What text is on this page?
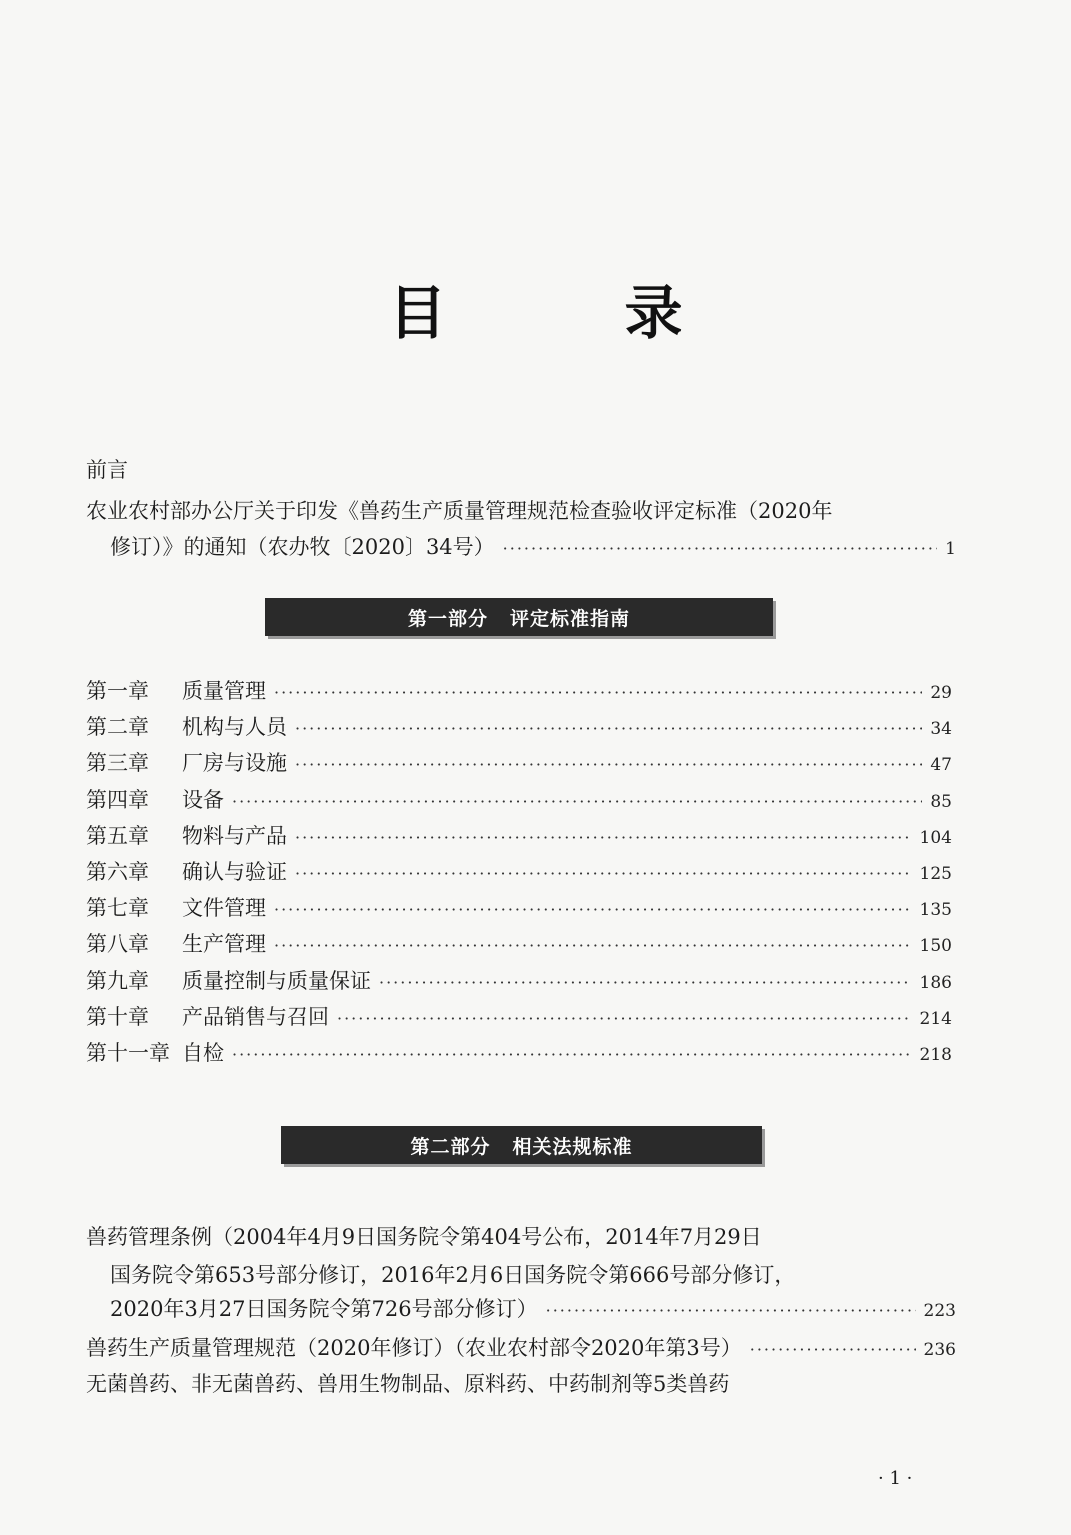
目　录
前言
农业农村部办公厅关于印发《兽药生产质量管理规范检查验收评定标准（2020年
修订）》的通知（农办牧〔2020〕34号） ·····	1
第一部分 评定标准指南
第一章	质量管理 ·····	29
第二章	机构与人员 ·····	34
第三章	厂房与设施 ·····	47
第四章	设备 ·····	85
第五章	物料与产品 ·····	104
第六章	确认与验证 ·····	125
第七章	文件管理 ·····	135
第八章	生产管理 ·····	150
第九章	质量控制与质量保证 ·····	186
第十章	产品销售与召回 ·····	214
第十一章 自检 ·····	218
第二部分 相关法规标准
兽药管理条例（2004年4月9日国务院令第404号公布，2014年7月29日
国务院令第653号部分修订，2016年2月6日国务院令第666号部分修订，
2020年3月27日国务院令第726号部分修订） ·····	223
兽药生产质量管理规范（2020年修订）（农业农村部令2020年第3号） ·····	236
无菌兽药、非无菌兽药、兽用生物制品、原料药、中药制剂等5类兽药
· 1 ·
